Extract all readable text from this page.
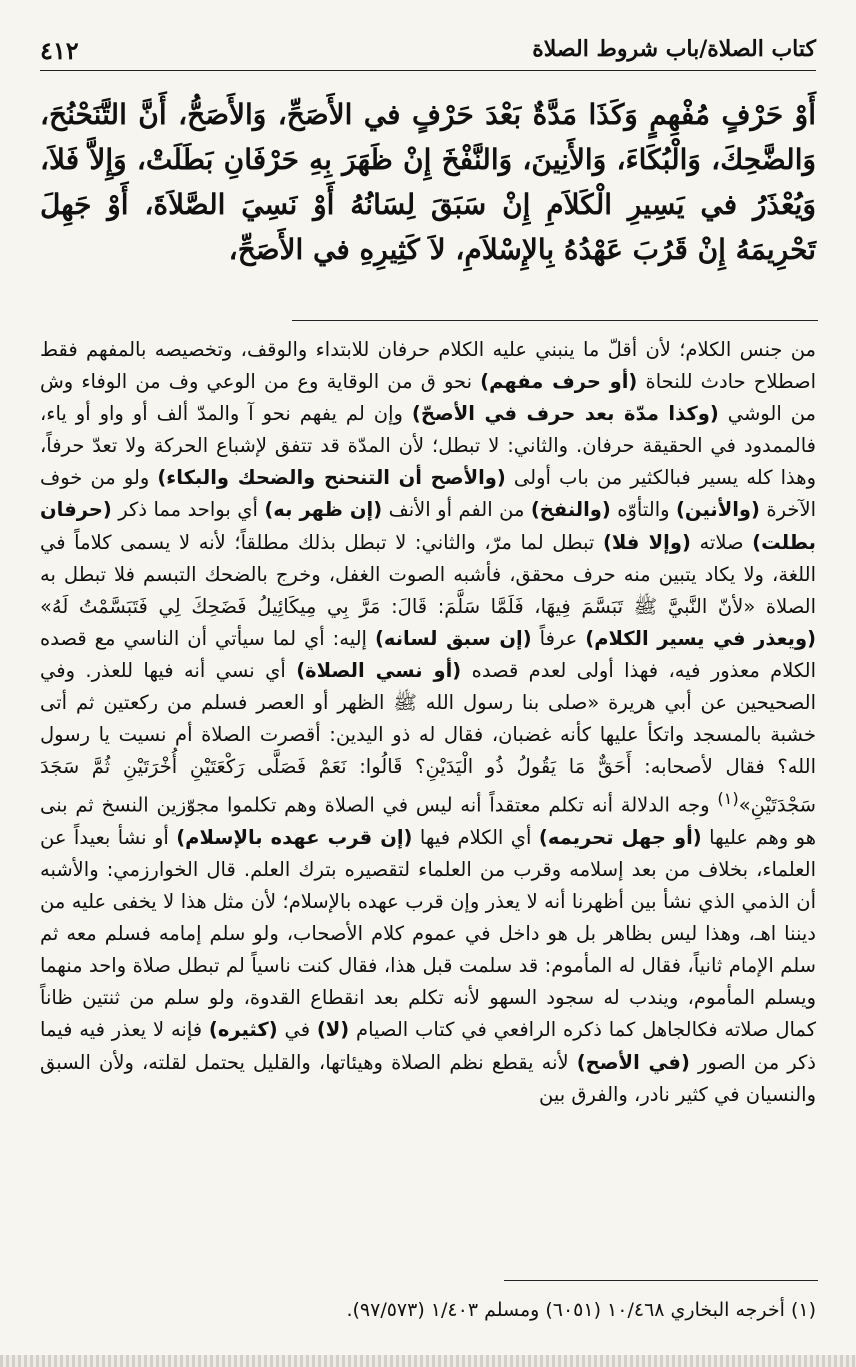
كتاب الصلاة/باب شروط الصلاة
٤١٢
أَوْ حَرْفٍ مُفْهِمٍ وَكَذَا مَدَّةٌ بَعْدَ حَرْفٍ في الأَصَحِّ، وَالأَصَحُّ، أَنَّ التَّنَحْنُحَ، وَالضَّحِكَ، وَالْبُكَاءَ، وَالأَنِينَ، وَالنَّفْخَ إِنْ ظَهَرَ بِهِ حَرْفَانِ بَطَلَتْ، وَإِلاَّ فَلاَ، وَيُعْذَرُ في يَسِيرِ الْكَلاَمِ إِنْ سَبَقَ لِسَانُهُ أَوْ نَسِيَ الصَّلاَةَ، أَوْ جَهِلَ تَحْرِيمَهُ إِنْ قَرُبَ عَهْدُهُ بِالإِسْلاَمِ، لاَ كَثِيرِهِ في الأَصَحِّ،

من جنس الكلام؛ لأن أقلّ ما ينبني عليه الكلام حرفان للابتداء والوقف، وتخصيصه بالمفهم فقط اصطلاح حادث للنحاة (أو حرف مفهم) نحو ق من الوقاية وع من الوعي وف من الوفاء وش من الوشي (وكذا مدّة بعد حرف في الأصحّ) وإن لم يفهم نحو آ والمدّ ألف أو واو أو ياء، فالممدود في الحقيقة حرفان. والثاني: لا تبطل؛ لأن المدّة قد تتفق لإشباع الحركة ولا تعدّ حرفاً، وهذا كله يسير فبالكثير من باب أولى (والأصح أن التنحنح والضحك والبكاء) ولو من خوف الآخرة (والأنين) والتأوّه (والنفخ) من الفم أو الأنف (إن ظهر به) أي بواحد مما ذكر (حرفان بطلت) صلاته (وإلا فلا) تبطل لما مرّ، والثاني: لا تبطل بذلك مطلقاً؛ لأنه لا يسمى كلاماً في اللغة، ولا يكاد يتبين منه حرف محقق، فأشبه الصوت الغفل، وخرج بالضحك التبسم فلا تبطل به الصلاة «لأنّ النَّبيَّ ﷺ تَبَسَّمَ فِيهَا، فَلَمَّا سَلَّمَ: قَالَ: مَرَّ بِي مِيكَائِيلُ فَضَحِكَ لِي فَتَبَسَّمْتُ لَهُ» (ويعذر في يسير الكلام) عرفاً (إن سبق لسانه) إليه: أي لما سيأتي أن الناسي مع قصده الكلام معذور فيه، فهذا أولى لعدم قصده (أو نسي الصلاة) أي نسي أنه فيها للعذر. وفي الصحيحين عن أبي هريرة «صلى بنا رسول الله ﷺ الظهر أو العصر فسلم من ركعتين ثم أتى خشبة بالمسجد واتكأ عليها كأنه غضبان، فقال له ذو اليدين: أقصرت الصلاة أم نسيت يا رسول الله؟ فقال لأصحابه: أَحَقٌّ مَا يَقُولُ ذُو الْيَدَيْنِ؟ قَالُوا: نَعَمْ فَصَلَّى رَكْعَتَيْنِ أُخْرَتَيْنِ ثُمَّ سَجَدَ سَجْدَتَيْنِ»$^{(١)}$ وجه الدلالة أنه تكلم معتقداً أنه ليس في الصلاة وهم تكلموا مجوّزين النسخ ثم بنى هو وهم عليها (أو جهل تحريمه) أي الكلام فيها (إن قرب عهده بالإسلام) أو نشأ بعيداً عن العلماء، بخلاف من بعد إسلامه وقرب من العلماء لتقصيره بترك العلم. قال الخوارزمي: والأشبه أن الذمي الذي نشأ بين أظهرنا أنه لا يعذر وإن قرب عهده بالإسلام؛ لأن مثل هذا لا يخفى عليه من ديننا اهـ، وهذا ليس بظاهر بل هو داخل في عموم كلام الأصحاب، ولو سلم إمامه فسلم معه ثم سلم الإمام ثانياً، فقال له المأموم: قد سلمت قبل هذا، فقال كنت ناسياً لم تبطل صلاة واحد منهما ويسلم المأموم، ويندب له سجود السهو لأنه تكلم بعد انقطاع القدوة، ولو سلم من ثنتين ظاناً كمال صلاته فكالجاهل كما ذكره الرافعي في كتاب الصيام (لا) في (كثيره) فإنه لا يعذر فيه فيما ذكر من الصور (في الأصح) لأنه يقطع نظم الصلاة وهيئاتها، والقليل يحتمل لقلته، ولأن السبق والنسيان في كثير نادر، والفرق بين

(١) أخرجه البخاري ١٠/٤٦٨ (٦٠٥١) ومسلم ١/٤٠٣ (٩٧/٥٧٣).
